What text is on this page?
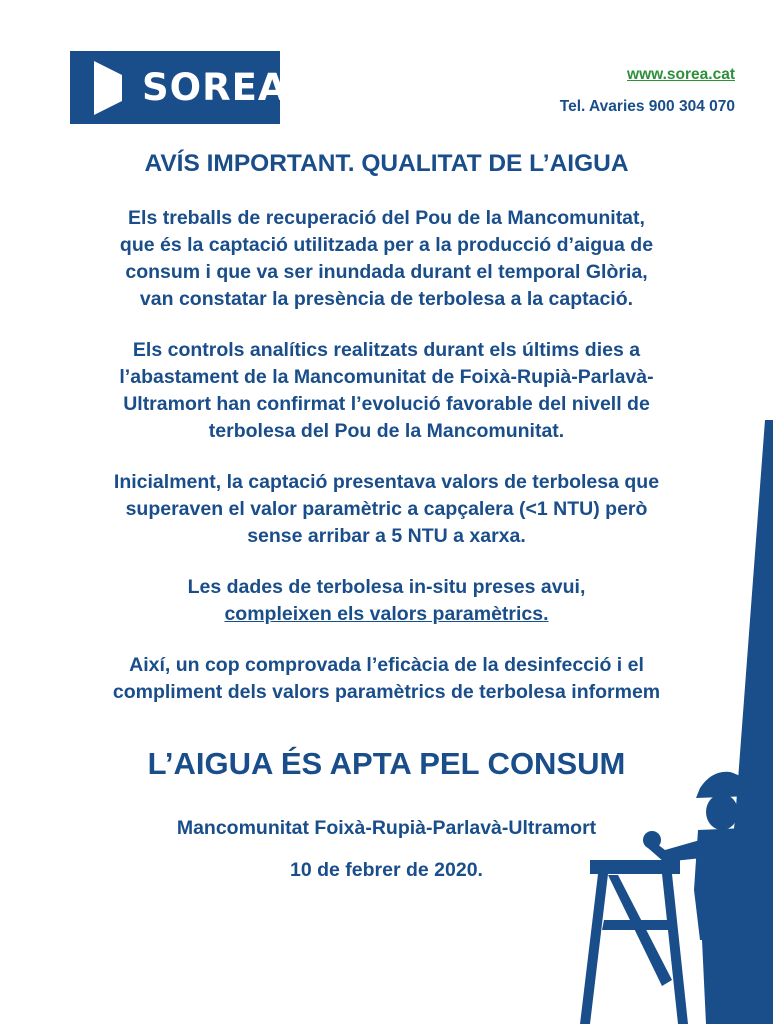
SOREA	www.sorea.cat
Tel. Avaries 900 304 070

AVÍS IMPORTANT. QUALITAT DE L’AIGUA

Els treballs de recuperació del Pou de la Mancomunitat,
que és la captació utilitzada per a la producció d’aigua de
consum i que va ser inundada durant el temporal Glòria,
van constatar la presència de terbolesa a la captació.

Els controls analítics realitzats durant els últims dies a
l’abastament de la Mancomunitat de Foixà-Rupià-Parlavà-
Ultramort han confirmat l’evolució favorable del nivell de
terbolesa del Pou de la Mancomunitat.

Inicialment, la captació presentava valors de terbolesa que
superaven el valor paramètric a capçalera (<1 NTU) però
sense arribar a 5 NTU a xarxa.

Les dades de terbolesa in-situ preses avui,
compleixen els valors paramètrics.

Així, un cop comprovada l’eficàcia de la desinfecció i el
compliment dels valors paramètrics de terbolesa informem

L’AIGUA ÉS APTA PEL CONSUM

Mancomunitat Foixà-Rupià-Parlavà-Ultramort

10 de febrer de 2020.
